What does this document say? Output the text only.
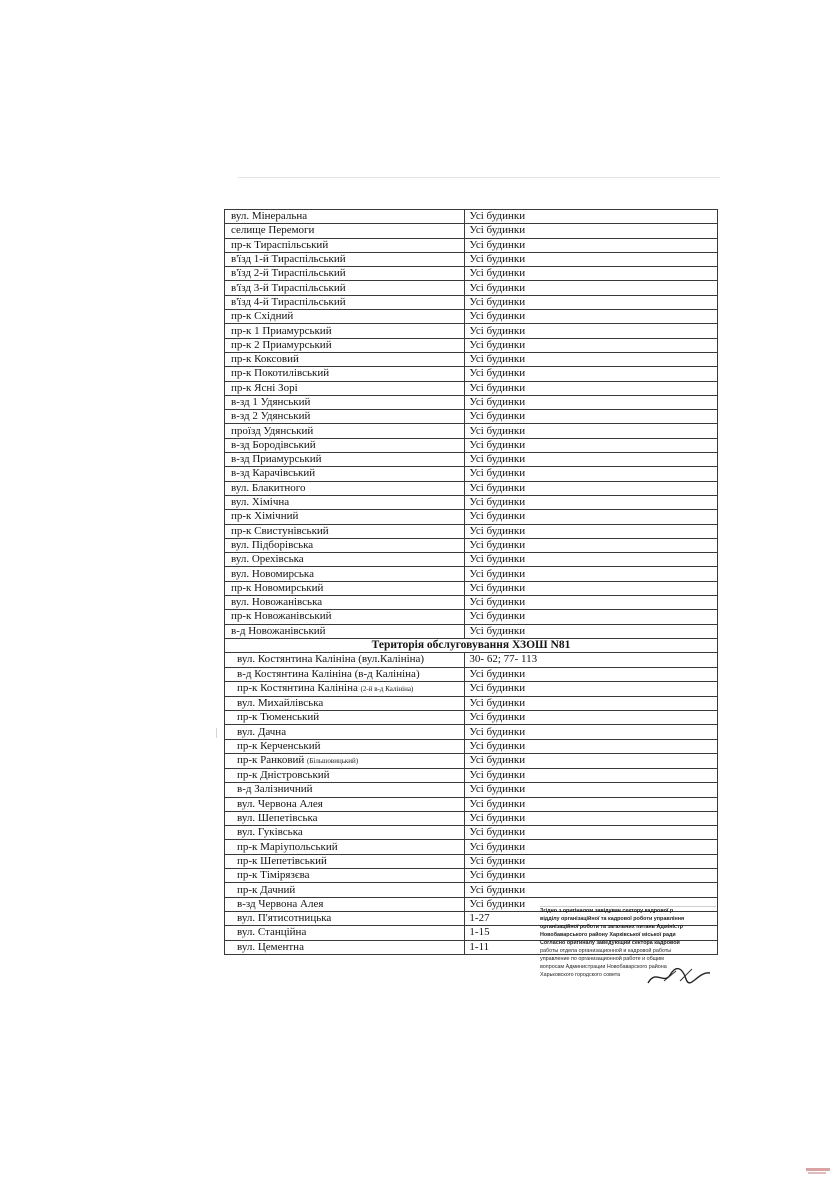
вул. Мінеральна	Усі будинки
селище Перемоги	Усі будинки
пр-к Тираспільський	Усі будинки
в'їзд 1-й Тираспільський	Усі будинки
в'їзд 2-й Тираспільський	Усі будинки
в'їзд 3-й Тираспільський	Усі будинки
в'їзд 4-й Тираспільський	Усі будинки
пр-к Східний	Усі будинки
пр-к 1 Приамурський	Усі будинки
пр-к 2 Приамурський	Усі будинки
пр-к Коксовий	Усі будинки
пр-к Покотилівський	Усі будинки
пр-к Ясні Зорі	Усі будинки
в-зд 1 Удянський	Усі будинки
в-зд 2 Удянський	Усі будинки
проїзд Удянський	Усі будинки
в-зд Бородівський	Усі будинки
в-зд Приамурський	Усі будинки
в-зд Карачівський	Усі будинки
вул. Блакитного	Усі будинки
вул. Хімічна	Усі будинки
пр-к Хімічний	Усі будинки
пр-к Свистунівський	Усі будинки
вул. Підборівська	Усі будинки
вул. Орехівська	Усі будинки
вул. Новомирська	Усі будинки
пр-к Новомирський	Усі будинки
вул. Новожанівська	Усі будинки
пр-к Новожанівський	Усі будинки
в-д Новожанівський	Усі будинки
Територія обслуговування ХЗОШ N81	
вул. Костянтина Калініна (вул.Калініна)	30- 62; 77- 113
в-д Костянтина Калініна (в-д Калініна)	Усі будинки
пр-к Костянтина Калініна (2-й в-д Калініна)	Усі будинки
вул. Михайлівська	Усі будинки
пр-к Тюменський	Усі будинки
вул. Дачна	Усі будинки
пр-к Керченський	Усі будинки
пр-к Ранковий (Більшовицький)	Усі будинки
пр-к Дністровський	Усі будинки
в-д Залізничний	Усі будинки
вул. Червона Алея	Усі будинки
вул. Шепетівська	Усі будинки
вул. Гуківська	Усі будинки
пр-к Маріупольський	Усі будинки
пр-к Шепетівський	Усі будинки
пр-к Тімірязєва	Усі будинки
пр-к Дачний	Усі будинки
в-зд Червона Алея	Усі будинки
вул. П'ятисотницька	1-27
вул. Станційна	1-15
вул. Цементна	1-11
Згідно з оригіналом завідувач сектору кадрової р
відділу організаційної та кадрової роботи управління
організаційної роботи та загальних питань Адміністр
Новобаварського району Харківської міської ради
Согласно оригиналу заведующий сектора кадровой
работы отдела организационной и кадровой работы
управление по организационной работе и общим
вопросам Администрации Новобаварского района
Харьковского городского совета
